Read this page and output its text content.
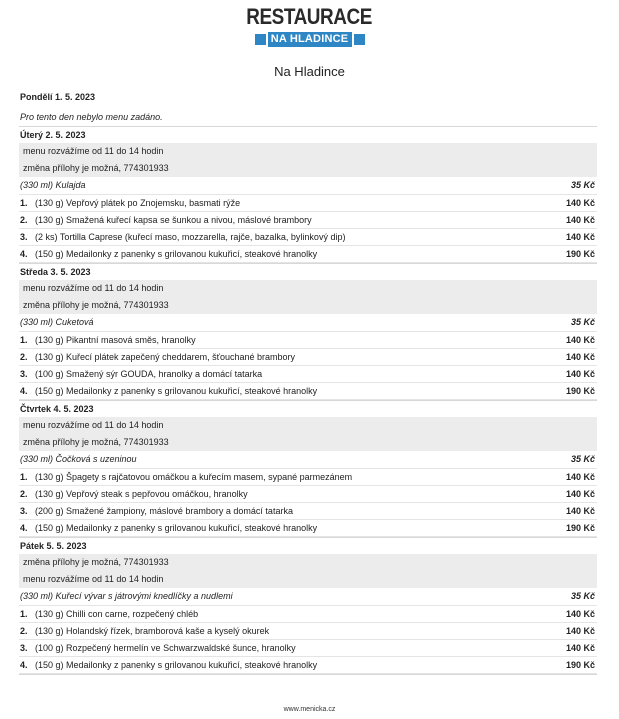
RESTAURACE
NA HLADINCE
Na Hladince
Pondělí 1. 5. 2023
Pro tento den nebylo menu zadáno.
Úterý 2. 5. 2023
menu rozvážíme od 11 do 14 hodin
změna přílohy je možná, 774301933
(330 ml) Kulajda	35 Kč
1. (130 g) Vepřový plátek po Znojemsku, basmati rýže	140 Kč
2. (130 g) Smažená kuřecí kapsa se šunkou a nivou, máslové brambory	140 Kč
3. (2 ks) Tortilla Caprese (kuřecí maso, mozzarella, rajče, bazalka, bylinkový dip)	140 Kč
4. (150 g) Medailonky z panenky s grilovanou kukuřicí, steakové hranolky	190 Kč
Středa 3. 5. 2023
menu rozvážíme od 11 do 14 hodin
změna přílohy je možná, 774301933
(330 ml) Cuketová	35 Kč
1. (130 g) Pikantní masová směs, hranolky	140 Kč
2. (130 g) Kuřecí plátek zapečený cheddarem, šťouchané brambory	140 Kč
3. (100 g) Smažený sýr GOUDA, hranolky a domácí tatarka	140 Kč
4. (150 g) Medailonky z panenky s grilovanou kukuřicí, steakové hranolky	190 Kč
Čtvrtek 4. 5. 2023
menu rozvážíme od 11 do 14 hodin
změna přílohy je možná, 774301933
(330 ml) Čočková s uzeninou	35 Kč
1. (130 g) Špagety s rajčatovou omáčkou a kuřecím masem, sypané parmezánem	140 Kč
2. (130 g) Vepřový steak s pepřovou omáčkou, hranolky	140 Kč
3. (200 g) Smažené žampiony, máslové brambory a domácí tatarka	140 Kč
4. (150 g) Medailonky z panenky s grilovanou kukuřicí, steakové hranolky	190 Kč
Pátek 5. 5. 2023
změna přílohy je možná, 774301933
menu rozvážíme od 11 do 14 hodin
(330 ml) Kuřecí vývar s játrovými knedlíčky a nudlemi	35 Kč
1. (130 g) Chilli con carne, rozpečený chléb	140 Kč
2. (130 g) Holandský řízek, bramborová kaše a kyselý okurek	140 Kč
3. (100 g) Rozpečený hermelín ve Schwarzwaldské šunce, hranolky	140 Kč
4. (150 g) Medailonky z panenky s grilovanou kukuřicí, steakové hranolky	190 Kč
www.menicka.cz
